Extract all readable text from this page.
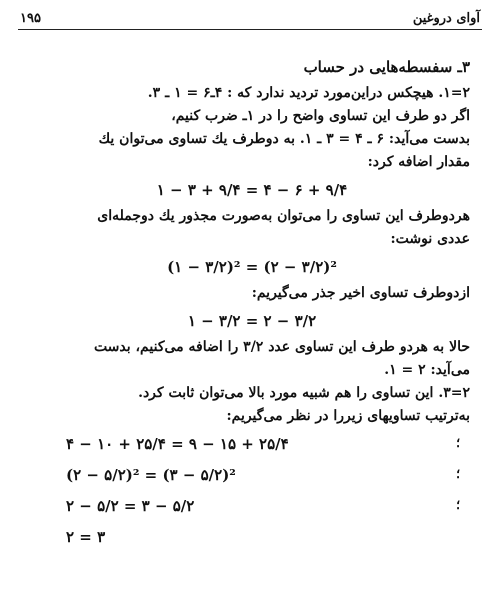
۱۹۵	آوای دروغین

۳ـ سفسطه‌هایی در حساب

۲=۱. هیچکس دراین‌مورد تردید ندارد که : ۴ـ۶ = ۱ ـ ۳.

اگر دو طرف این تساوی واضح را در ۱ـ ضرب کنیم،

بدست می‌آید: ۶ ـ ۴ = ۳ ـ ۱. به دوطرف یك تساوی می‌توان یك

مقدار اضافه کرد:

۱ − ۳ + ۹/۴ = ۴ − ۶ + ۹/۴

هردوطرف این تساوی را می‌توان به‌صورت مجذور یك دوجمله‌ای

عددی نوشت:

(۱ − ۳/۲)² = (۲ − ۳/۲)²

ازدوطرف تساوی اخیر جذر می‌گیریم:

۱ − ۳/۲ = ۲ − ۳/۲

حالا به هردو طرف این تساوی عدد ۳/۲ را اضافه می‌کنیم، بدست

می‌آید: ۲ = ۱.

۲=۳. این تساوی را هم شبیه مورد بالا می‌توان ثابت کرد.

به‌ترتیب تساویهای زیررا در نظر می‌گیریم:

۴ − ۱۰ + ۲۵/۴ = ۹ − ۱۵ + ۲۵/۴	؛
(۲ − ۵/۲)² = (۳ − ۵/۲)²	؛
۲ − ۵/۲ = ۳ − ۵/۲	؛
۲ = ۳
